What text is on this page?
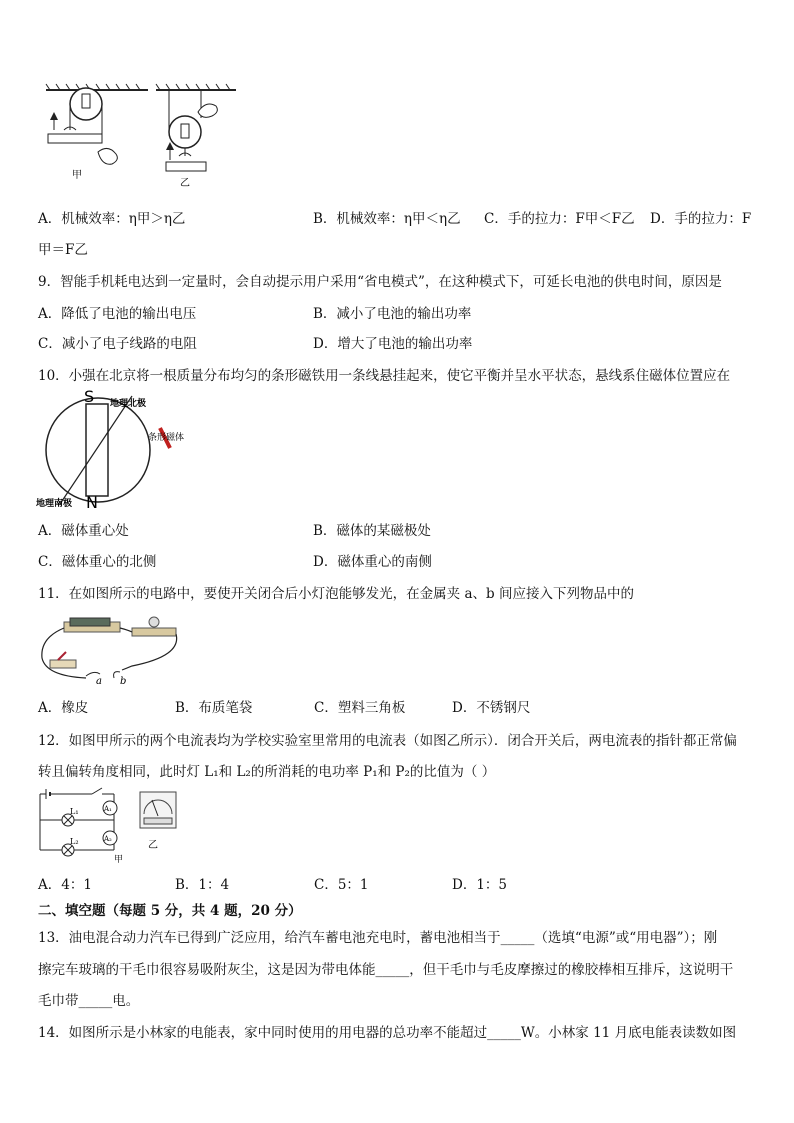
甲
乙
A．机械效率：η甲＞η乙	B．机械效率：η甲＜η乙 C．手的拉力：F甲＜F乙 D．手的拉力：F
甲＝F乙
9．智能手机耗电达到一定量时，会自动提示用户采用“省电模式”，在这种模式下，可延长电池的供电时间，原因是
A．降低了电池的输出电压	B．减小了电池的输出功率
C．减小了电子线路的电阻	D．增大了电池的输出功率
10．小强在北京将一根质量分布均匀的条形磁铁用一条线悬挂起来，使它平衡并呈水平状态，悬线系住磁体位置应在
S
N
地理北极
地理南极
条形磁体
A．磁体重心处	B．磁体的某磁极处
C．磁体重心的北侧	D．磁体重心的南侧
11．在如图所示的电路中，要使开关闭合后小灯泡能够发光，在金属夹 a、b 间应接入下列物品中的
a b
A．橡皮	B．布质笔袋	C．塑料三角板	D．不锈钢尺
12．如图甲所示的两个电流表均为学校实验室里常用的电流表（如图乙所示）．闭合开关后，两电流表的指针都正常偏
转且偏转角度相同，此时灯 L₁和 L₂的所消耗的电功率 P₁和 P₂的比值为（ ）
L₁
L₂
A₁
A₂
甲
乙
A．4：1	B．1：4	C．5：1	D．1：5
二、填空题（每题 5 分，共 4 题，20 分）
13．油电混合动力汽车已得到广泛应用，给汽车蓄电池充电时，蓄电池相当于_____（选填“电源”或“用电器”）；刚
擦完车玻璃的干毛巾很容易吸附灰尘，这是因为带电体能_____，但干毛巾与毛皮摩擦过的橡胶棒相互排斥，这说明干
毛巾带_____电。
14．如图所示是小林家的电能表，家中同时使用的用电器的总功率不能超过_____W。小林家 11 月底电能表读数如图
